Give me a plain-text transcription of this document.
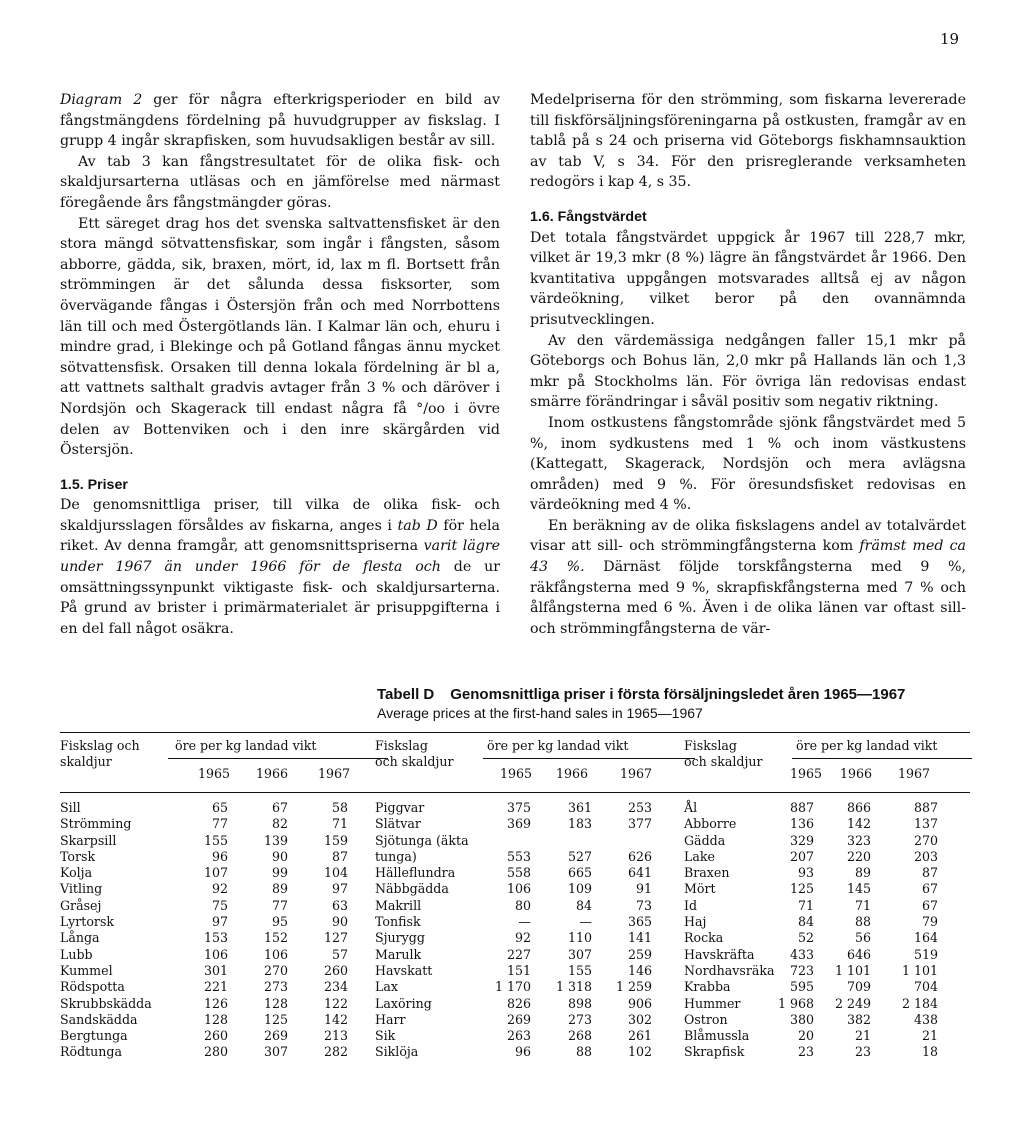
19

Diagram 2 ger för några efterkrigsperioder en bild av fångstmängdens fördelning på huvudgrupper av fiskslag. I grupp 4 ingår skrapfisken, som huvudsakligen består av sill.

Av tab 3 kan fångstresultatet för de olika fisk- och skaldjursarterna utläsas och en jämförelse med närmast föregående års fångstmängder göras.

Ett säreget drag hos det svenska saltvattensfisket är den stora mängd sötvattensfiskar, som ingår i fångsten, såsom abborre, gädda, sik, braxen, mört, id, lax m fl. Bortsett från strömmingen är det sålunda dessa fisksorter, som övervägande fångas i Östersjön från och med Norrbottens län till och med Östergötlands län. I Kalmar län och, ehuru i mindre grad, i Blekinge och på Gotland fångas ännu mycket sötvattensfisk. Orsaken till denna lokala fördelning är bl a, att vattnets salthalt gradvis avtager från 3 % och däröver i Nordsjön och Skagerack till endast några få °/oo i övre delen av Bottenviken och i den inre skärgården vid Östersjön.

1.5. Priser

De genomsnittliga priser, till vilka de olika fisk- och skaldjursslagen försåldes av fiskarna, anges i tab D för hela riket. Av denna framgår, att genomsnittspriserna varit lägre under 1967 än under 1966 för de flesta och de ur omsättningssynpunkt viktigaste fisk- och skaldjursarterna. På grund av brister i primärmaterialet är prisuppgifterna i en del fall något osäkra.

Medelpriserna för den strömming, som fiskarna levererade till fiskförsäljningsföreningarna på ostkusten, framgår av en tablå på s 24 och priserna vid Göteborgs fiskhamnsauktion av tab V, s 34. För den prisreglerande verksamheten redogörs i kap 4, s 35.

1.6. Fångstvärdet

Det totala fångstvärdet uppgick år 1967 till 228,7 mkr, vilket är 19,3 mkr (8 %) lägre än fångstvärdet år 1966. Den kvantitativa uppgången motsvarades alltså ej av någon värdeökning, vilket beror på den ovannämnda prisutvecklingen.

Av den värdemässiga nedgången faller 15,1 mkr på Göteborgs och Bohus län, 2,0 mkr på Hallands län och 1,3 mkr på Stockholms län. För övriga län redovisas endast smärre förändringar i såväl positiv som negativ riktning.

Inom ostkustens fångstområde sjönk fångstvärdet med 5 %, inom sydkustens med 1 % och inom västkustens (Kattegatt, Skagerack, Nordsjön och mera avlägsna områden) med 9 %. För öresundsfisket redovisas en värdeökning med 4 %.

En beräkning av de olika fiskslagens andel av totalvärdet visar att sill- och strömmingfångsterna kom främst med ca 43 %. Därnäst följde torskfångsterna med 9 %, räkfångsterna med 9 %, skrapfiskfångsterna med 7 % och ålfångsterna med 6 %. Även i de olika länen var oftast sill- och strömmingfångsterna de vär-

Tabell D Genomsnittliga priser i första försäljningsledet åren 1965—1967
Average prices at the first-hand sales in 1965—1967
Fiskslag och
skaldjur
öre per kg landad vikt
1965	1966	1967
Sill	65	67	58
Strömming	77	82	71
Skarpsill	155	139	159
Torsk	96	90	87
Kolja	107	99	104
Vitling	92	89	97
Gråsej	75	77	63
Lyrtorsk	97	95	90
Långa	153	152	127
Lubb	106	106	57
Kummel	301	270	260
Rödspotta	221	273	234
Skrubbskädda	126	128	122
Sandskädda	128	125	142
Bergtunga	260	269	213
Rödtunga	280	307	282
Fiskslag
och skaldjur
öre per kg landad vikt
1965	1966	1967
Piggvar	375	361	253
Slätvar	369	183	377
Sjötunga (äkta
tunga)	553	527	626
Hälleflundra	558	665	641
Näbbgädda	106	109	91
Makrill	80	84	73
Tonfisk	—	—	365
Sjurygg	92	110	141
Marulk	227	307	259
Havskatt	151	155	146
Lax	1 170	1 318	1 259
Laxöring	826	898	906
Harr	269	273	302
Sik	263	268	261
Siklöja	96	88	102
Fiskslag
och skaldjur
öre per kg landad vikt
1965	1966	1967
Ål	887	866	887
Abborre	136	142	137
Gädda	329	323	270
Lake	207	220	203
Braxen	93	89	87
Mört	125	145	67
Id	71	71	67
Haj	84	88	79
Rocka	52	56	164
Havskräfta	433	646	519
Nordhavsräka	723	1 101	1 101
Krabba	595	709	704
Hummer	1 968	2 249	2 184
Ostron	380	382	438
Blåmussla	20	21	21
Skrapfisk	23	23	18
